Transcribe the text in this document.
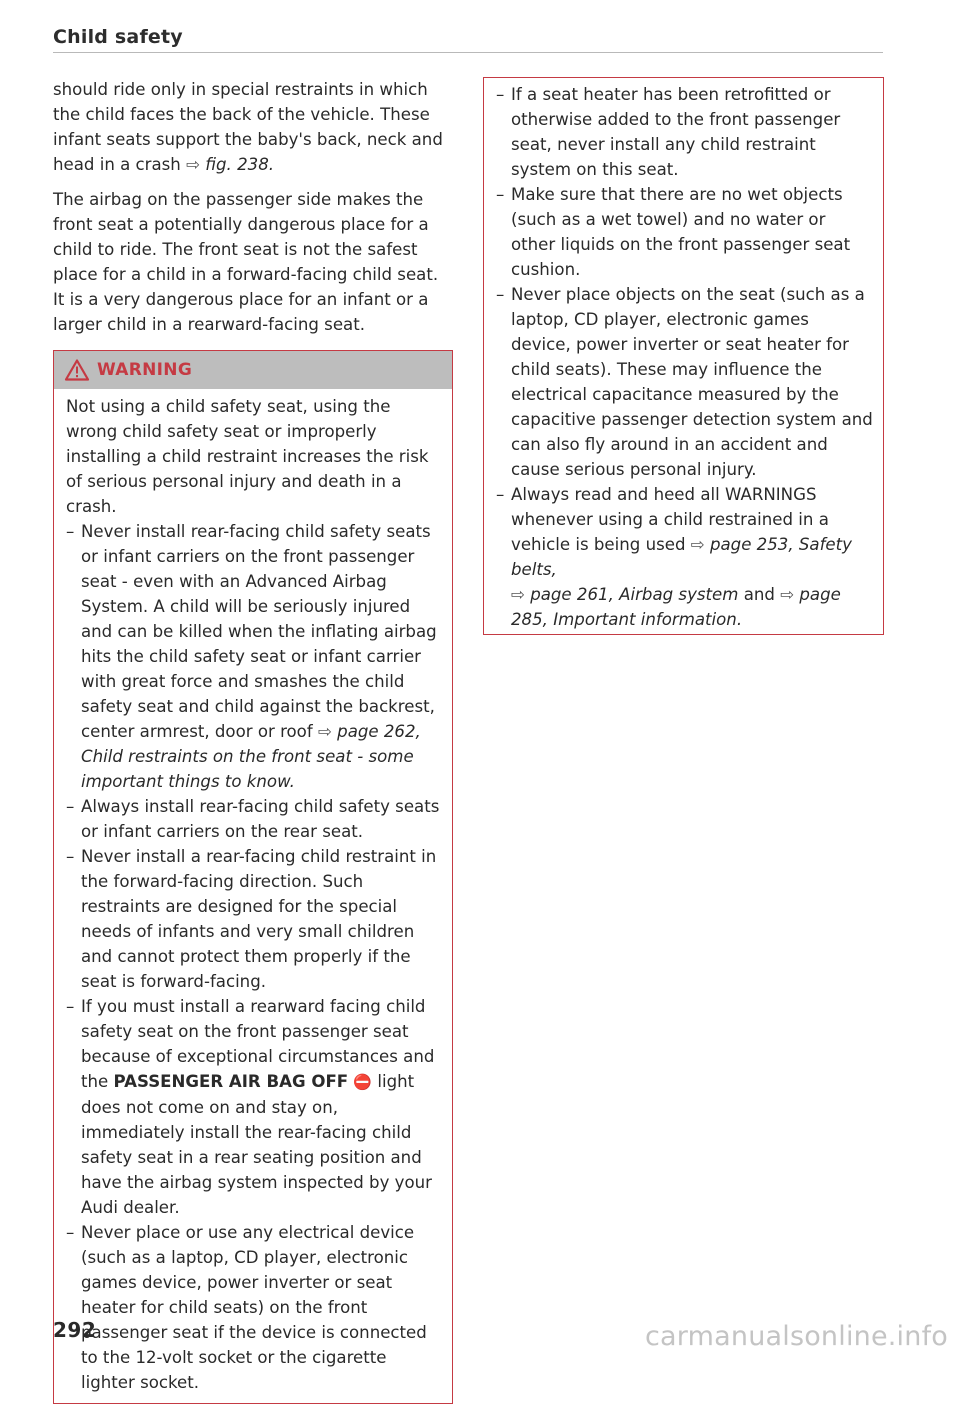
Child safety

should ride only in special restraints in which the child faces the back of the vehicle. These infant seats support the baby's back, neck and head in a crash ⇨ fig. 238.

The airbag on the passenger side makes the front seat a potentially dangerous place for a child to ride. The front seat is not the safest place for a child in a forward-facing child seat. It is a very dangerous place for an infant or a larger child in a rearward-facing seat.

WARNING

Not using a child safety seat, using the wrong child safety seat or improperly installing a child restraint increases the risk of serious personal injury and death in a crash.

– Never install rear-facing child safety seats or infant carriers on the front passenger seat - even with an Advanced Airbag System. A child will be seriously injured and can be killed when the inflating airbag hits the child safety seat or infant carrier with great force and smashes the child safety seat and child against the backrest, center armrest, door or roof ⇨ page 262, Child restraints on the front seat - some important things to know.
– Always install rear-facing child safety seats or infant carriers on the rear seat.
– Never install a rear-facing child restraint in the forward-facing direction. Such restraints are designed for the special needs of infants and very small children and cannot protect them properly if the seat is forward-facing.
– If you must install a rearward facing child safety seat on the front passenger seat because of exceptional circumstances and the PASSENGER AIR BAG OFF ⛔ light does not come on and stay on, immediately install the rear-facing child safety seat in a rear seating position and have the airbag system inspected by your Audi dealer.
– Never place or use any electrical device (such as a laptop, CD player, electronic games device, power inverter or seat heater for child seats) on the front passenger seat if the device is connected to the 12-volt socket or the cigarette lighter socket.
– If a seat heater has been retrofitted or otherwise added to the front passenger seat, never install any child restraint system on this seat.
– Make sure that there are no wet objects (such as a wet towel) and no water or other liquids on the front passenger seat cushion.
– Never place objects on the seat (such as a laptop, CD player, electronic games device, power inverter or seat heater for child seats). These may influence the electrical capacitance measured by the capacitive passenger detection system and can also fly around in an accident and cause serious personal injury.
– Always read and heed all WARNINGS whenever using a child restrained in a vehicle is being used ⇨ page 253, Safety belts,
⇨ page 261, Airbag system and ⇨ page 285, Important information.
292	carmanualsonline.info
